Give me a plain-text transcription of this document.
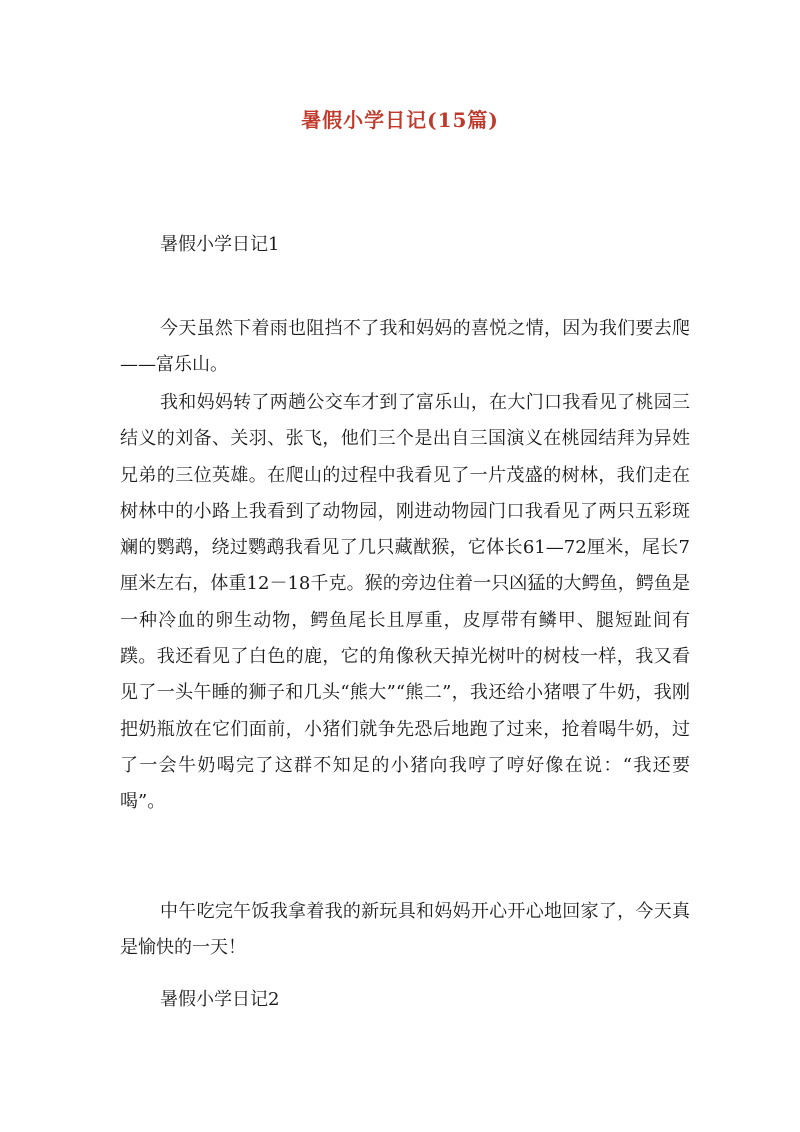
暑假小学日记(15篇)
暑假小学日记1

今天虽然下着雨也阻挡不了我和妈妈的喜悦之情，因为我们要去爬——富乐山。

我和妈妈转了两趟公交车才到了富乐山，在大门口我看见了桃园三结义的刘备、关羽、张飞，他们三个是出自三国演义在桃园结拜为异姓兄弟的三位英雄。在爬山的过程中我看见了一片茂盛的树林，我们走在树林中的小路上我看到了动物园，刚进动物园门口我看见了两只五彩斑斓的鹦鹉，绕过鹦鹉我看见了几只藏猷猴，它体长61—72厘米，尾长7厘米左右，体重12－18千克。猴的旁边住着一只凶猛的大鳄鱼，鳄鱼是一种冷血的卵生动物，鳄鱼尾长且厚重，皮厚带有鳞甲、腿短趾间有蹼。我还看见了白色的鹿，它的角像秋天掉光树叶的树枝一样，我又看见了一头午睡的狮子和几头“熊大”“熊二”，我还给小猪喂了牛奶，我刚把奶瓶放在它们面前，小猪们就争先恐后地跑了过来，抢着喝牛奶，过了一会牛奶喝完了这群不知足的小猪向我哼了哼好像在说：“我还要喝”。

中午吃完午饭我拿着我的新玩具和妈妈开心开心地回家了，今天真是愉快的一天！

暑假小学日记2
